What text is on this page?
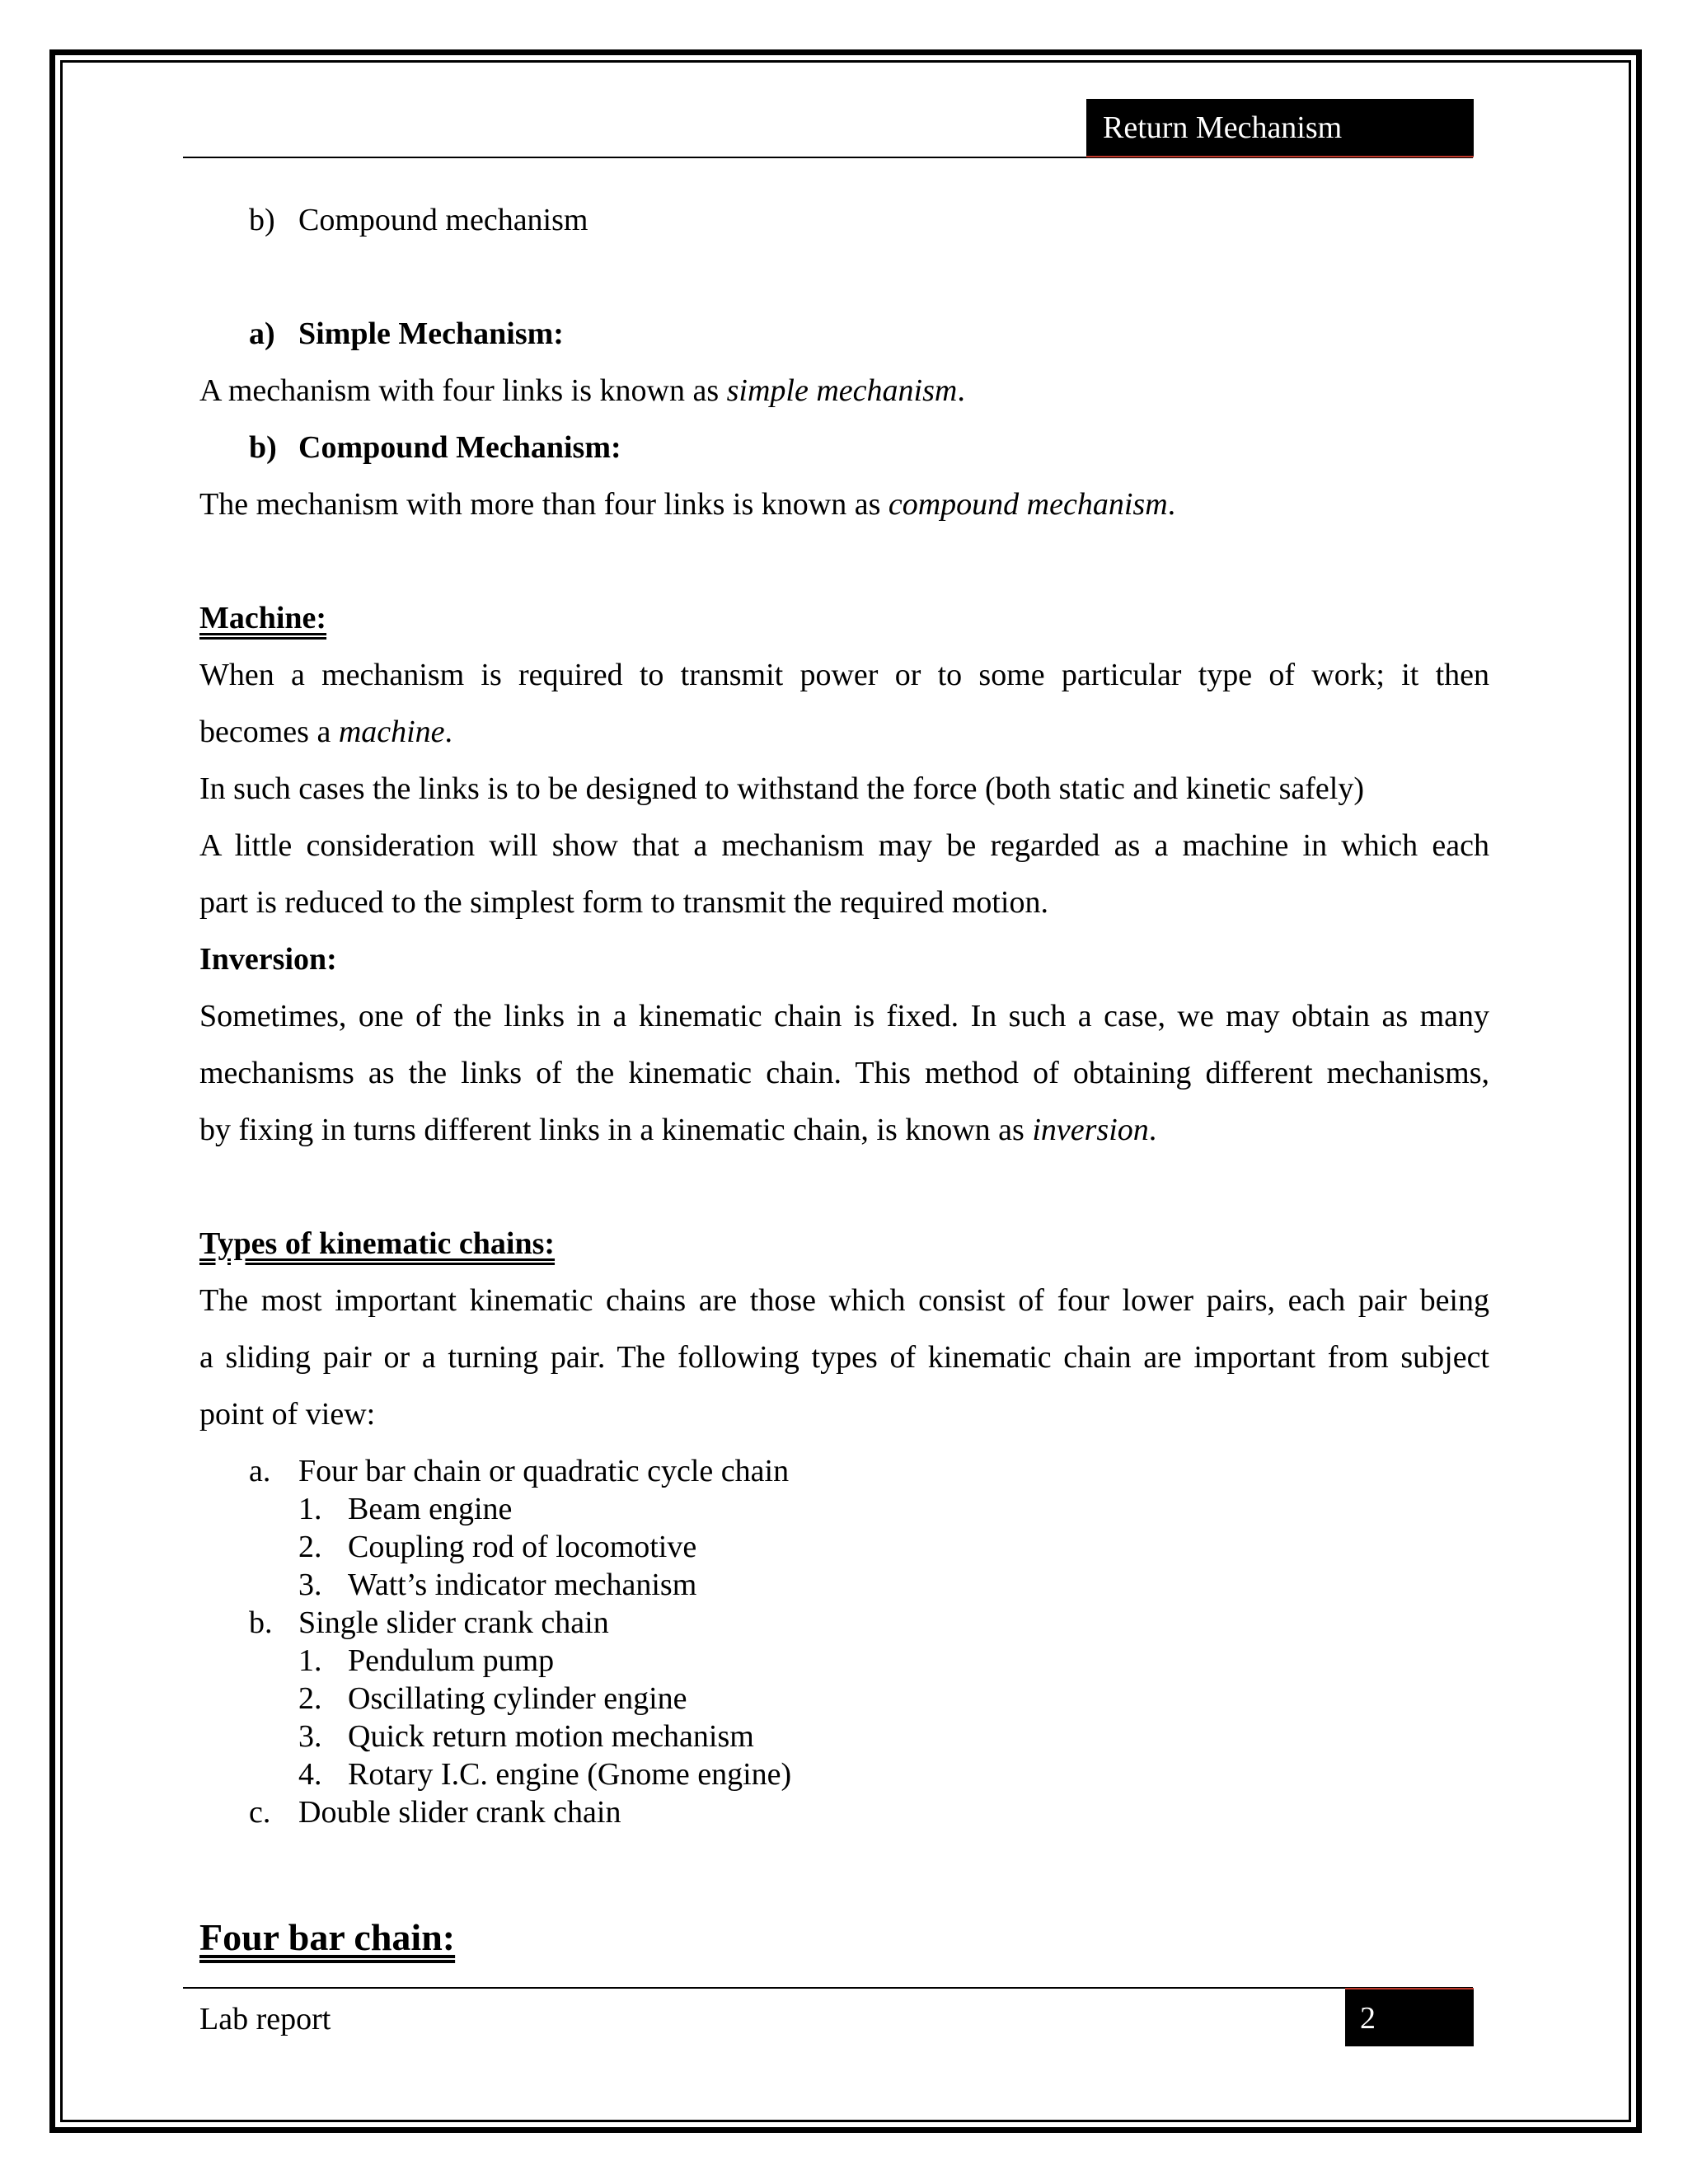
Return Mechanism
b) Compound mechanism
a) Simple Mechanism:
A mechanism with four links is known as simple mechanism.
b) Compound Mechanism:
The mechanism with more than four links is known as compound mechanism.
Machine:
When a mechanism is required to transmit power or to some particular type of work; it then
becomes a machine.
In such cases the links is to be designed to withstand the force (both static and kinetic safely)
A little consideration will show that a mechanism may be regarded as a machine in which each
part is reduced to the simplest form to transmit the required motion.
Inversion:
Sometimes, one of the links in a kinematic chain is fixed. In such a case, we may obtain as many
mechanisms as the links of the kinematic chain. This method of obtaining different mechanisms,
by fixing in turns different links in a kinematic chain, is known as inversion.
Types of kinematic chains:
The most important kinematic chains are those which consist of four lower pairs, each pair being
a sliding pair or a turning pair. The following types of kinematic chain are important from subject
point of view:
a. Four bar chain or quadratic cycle chain
1. Beam engine
2. Coupling rod of locomotive
3. Watt’s indicator mechanism
b. Single slider crank chain
1. Pendulum pump
2. Oscillating cylinder engine
3. Quick return motion mechanism
4. Rotary I.C. engine (Gnome engine)
c. Double slider crank chain
Four bar chain:
Lab report	2
